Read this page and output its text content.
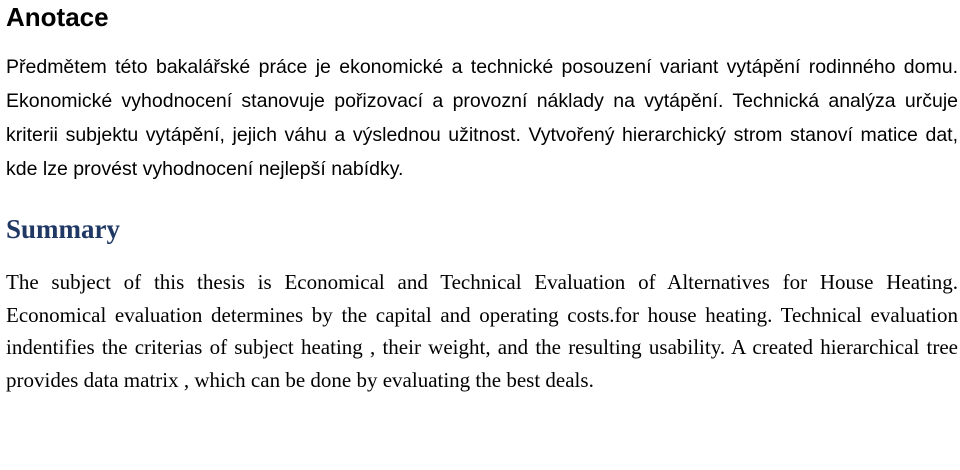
Anotace

Předmětem této bakalářské práce je ekonomické a technické posouzení variant vytápění rodinného domu. Ekonomické vyhodnocení stanovuje pořizovací a provozní náklady na vytápění. Technická analýza určuje kriterii subjektu vytápění, jejich váhu a výslednou užitnost. Vytvořený hierarchický strom stanoví matice dat, kde lze provést vyhodnocení nejlepší nabídky.

Summary

The subject of this thesis is Economical and Technical Evaluation of Alternatives for House Heating. Economical evaluation determines by the capital and operating costs.for house heating. Technical evaluation indentifies the criterias of subject heating , their weight, and the resulting usability. A created hierarchical tree provides data matrix , which can be done by evaluating the best deals.
